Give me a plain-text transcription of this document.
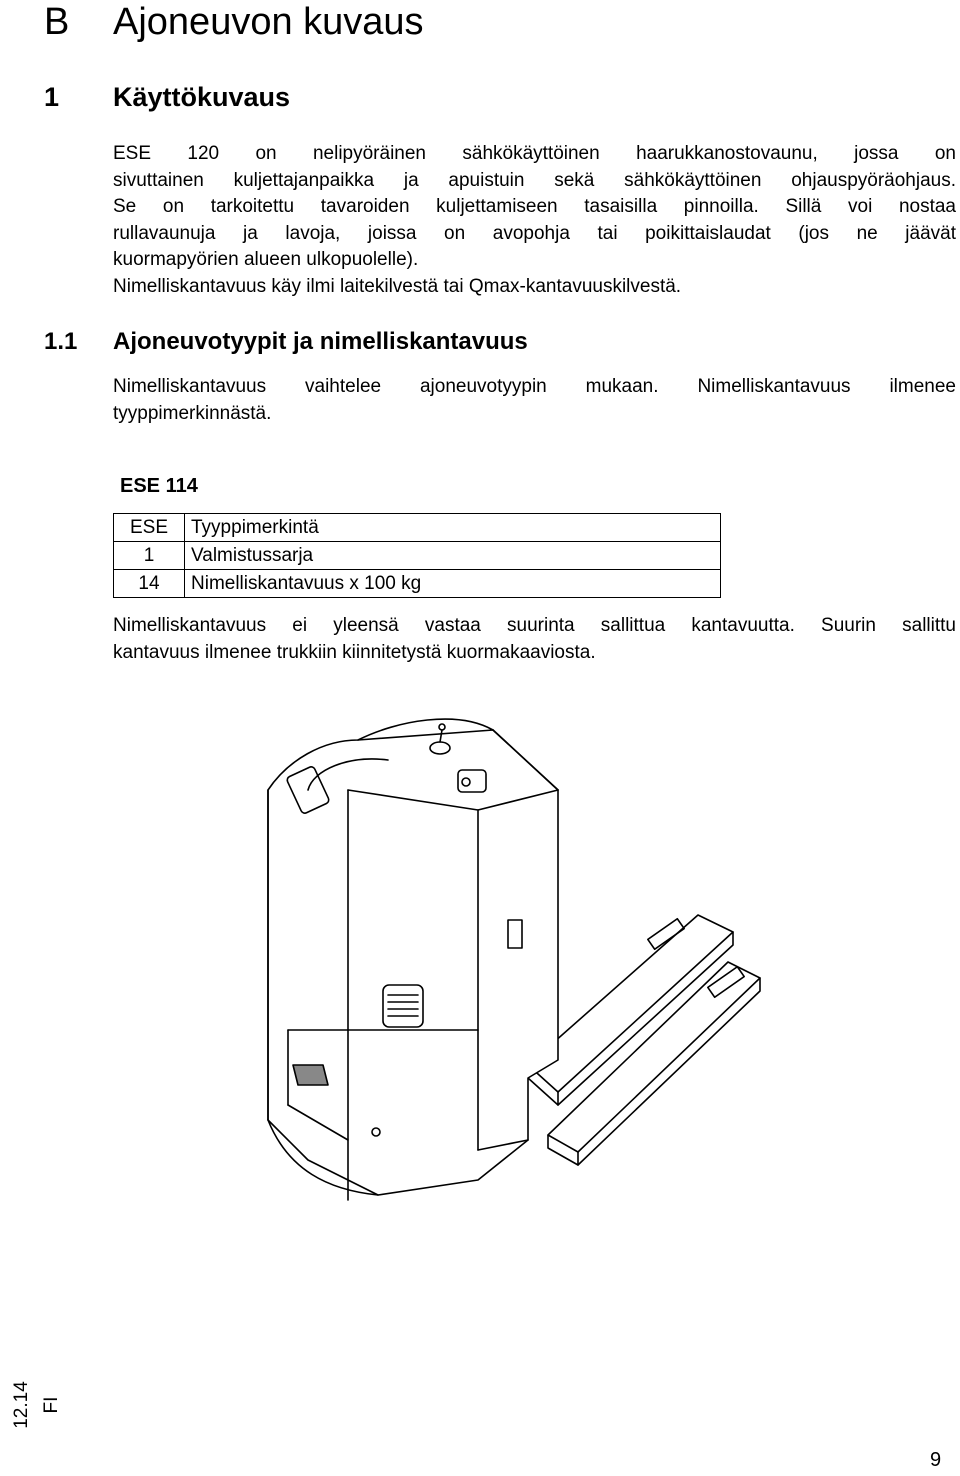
B Ajoneuvon kuvaus
1 Käyttökuvaus
ESE 120 on nelipyöräinen sähkökäyttöinen haarukkanostovaunu, jossa on
sivuttainen kuljettajanpaikka ja apuistuin sekä sähkökäyttöinen ohjauspyöräohjaus.
Se on tarkoitettu tavaroiden kuljettamiseen tasaisilla pinnoilla. Sillä voi nostaa
rullavaunuja ja lavoja, joissa on avopohja tai poikittaislaudat (jos ne jäävät
kuormapyörien alueen ulkopuolelle).
Nimelliskantavuus käy ilmi laitekilvestä tai Qmax-kantavuuskilvestä.
1.1 Ajoneuvotyypit ja nimelliskantavuus
Nimelliskantavuus vaihtelee ajoneuvotyypin mukaan. Nimelliskantavuus ilmenee
tyyppimerkinnästä.
ESE 114
ESE	Tyyppimerkintä
1	Valmistussarja
14	Nimelliskantavuus x 100 kg
Nimelliskantavuus ei yleensä vastaa suurinta sallittua kantavuutta. Suurin sallittu
kantavuus ilmenee trukkiin kiinnitetystä kuormakaaviosta.
12.14 FI
9
